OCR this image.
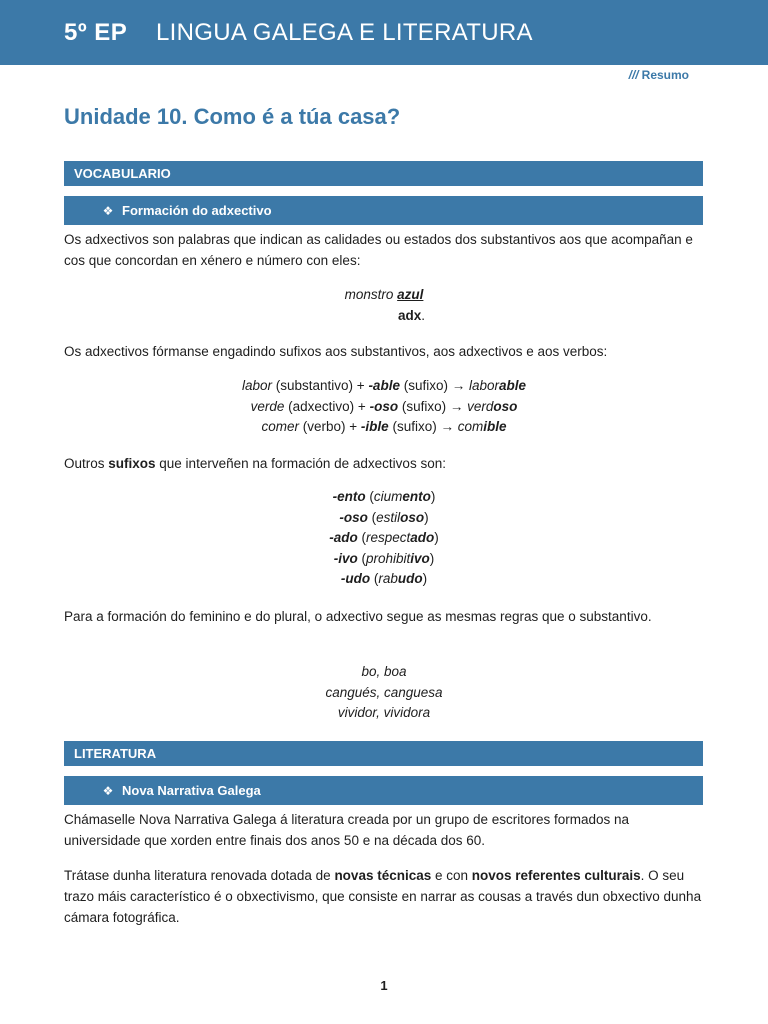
5º EP LINGUA GALEGA E LITERATURA
/// Resumo
Unidade 10. Como é a túa casa?
VOCABULARIO
❖ Formación do adxectivo

Os adxectivos son palabras que indican as calidades ou estados dos substantivos aos que acompañan e cos que concordan en xénero e número con eles:

monstro azul
adx.

Os adxectivos fórmanse engadindo sufixos aos substantivos, aos adxectivos e aos verbos:

labor (substantivo) + -able (sufixo) → laborable
verde (adxectivo) + -oso (sufixo) → verdoso
comer (verbo) + -ible (sufixo) → comible

Outros sufixos que interveñen na formación de adxectivos son:

-ento (ciumento)
-oso (estiloso)
-ado (respectado)
-ivo (prohibitivo)
-udo (rabudo)

Para a formación do feminino e do plural, o adxectivo segue as mesmas regras que o substantivo.

bo, boa
cangués, canguesa
vividor, vividora
LITERATURA
❖ Nova Narrativa Galega

Chámaselle Nova Narrativa Galega á literatura creada por un grupo de escritores formados na universidade que xorden entre finais dos anos 50 e na década dos 60.

Trátase dunha literatura renovada dotada de novas técnicas e con novos referentes culturais. O seu trazo máis característico é o obxectivismo, que consiste en narrar as cousas a través dun obxectivo dunha cámara fotográfica.

1
